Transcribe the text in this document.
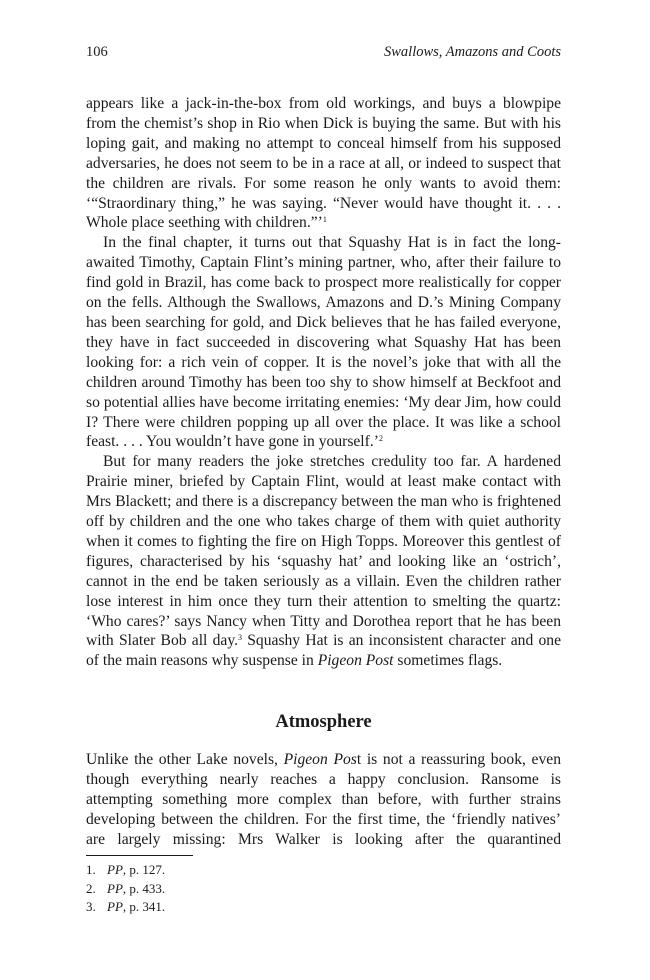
106	Swallows, Amazons and Coots

appears like a jack-in-the-box from old workings, and buys a blowpipe from the chemist’s shop in Rio when Dick is buying the same. But with his loping gait, and making no attempt to conceal himself from his supposed adversaries, he does not seem to be in a race at all, or indeed to suspect that the children are rivals. For some reason he only wants to avoid them: ‘“Straordinary thing,” he was saying. “Never would have thought it. . . . Whole place seething with children.”’$^1$

In the final chapter, it turns out that Squashy Hat is in fact the long-awaited Timothy, Captain Flint’s mining partner, who, after their failure to find gold in Brazil, has come back to prospect more realistically for copper on the fells. Although the Swallows, Amazons and D.’s Mining Company has been searching for gold, and Dick believes that he has failed everyone, they have in fact succeeded in discovering what Squashy Hat has been looking for: a rich vein of copper. It is the novel’s joke that with all the children around Timothy has been too shy to show himself at Beckfoot and so potential allies have become irritating enemies: ‘My dear Jim, how could I? There were children popping up all over the place. It was like a school feast. . . . You wouldn’t have gone in yourself.’$^2$

But for many readers the joke stretches credulity too far. A hardened Prairie miner, briefed by Captain Flint, would at least make contact with Mrs Blackett; and there is a discrepancy between the man who is frightened off by children and the one who takes charge of them with quiet authority when it comes to fighting the fire on High Topps. Moreover this gentlest of figures, characterised by his ‘squashy hat’ and looking like an ‘ostrich’, cannot in the end be taken seriously as a villain. Even the children rather lose interest in him once they turn their attention to smelting the quartz: ‘Who cares?’ says Nancy when Titty and Dorothea report that he has been with Slater Bob all day.$^3$ Squashy Hat is an inconsistent character and one of the main reasons why suspense in Pigeon Post sometimes flags.

Atmosphere

Unlike the other Lake novels, Pigeon Post is not a reassuring book, even though everything nearly reaches a happy conclusion. Ransome is attempting something more complex than before, with further strains developing between the children. For the first time, the ‘friendly natives’ are largely missing: Mrs Walker is looking after the quarantined

1. PP, p. 127.
2. PP, p. 433.
3. PP, p. 341.
